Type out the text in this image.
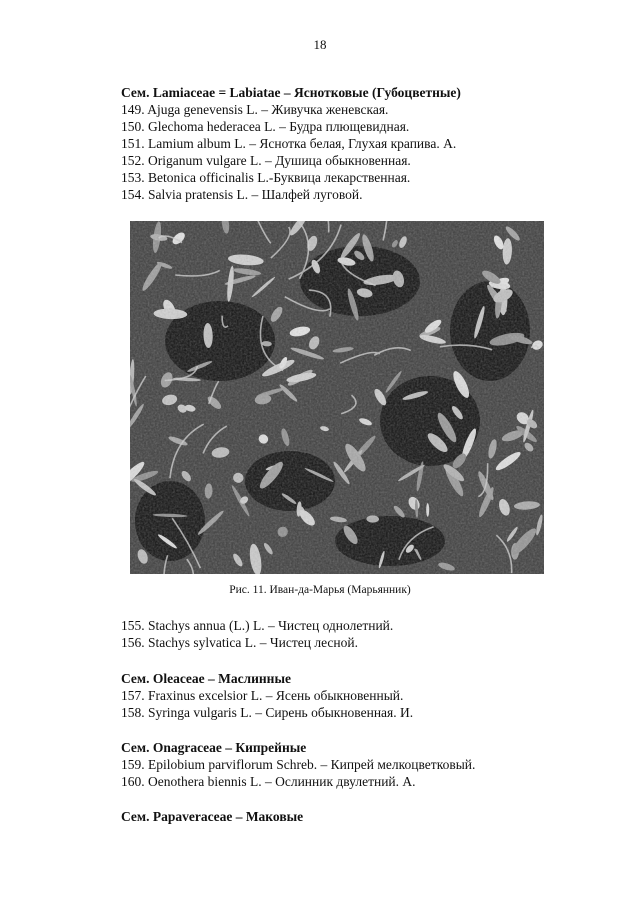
18
Сем. Lamiaceae = Labiatae – Яснотковые (Губоцветные)
149. Ajuga genevensis L. – Живучка женевская.
150. Glechoma hederacea L. – Будра плющевидная.
151. Lamium album L. – Яснотка белая, Глухая крапива. А.
152. Origanum vulgare L. – Душица обыкновенная.
153. Betonica officinalis L.-Буквица лекарственная.
154. Salvia pratensis L. – Шалфей луговой.
Рис. 11. Иван-да-Марья (Марьянник)
155. Stachys annua (L.) L. – Чистец однолетний.
156. Stachys sylvatica L. – Чистец лесной.
Сем. Oleaceae – Маслинные
157. Fraxinus excelsior L. – Ясень обыкновенный.
158. Syringa vulgaris L. – Сирень обыкновенная. И.
Сем. Onagraceae – Кипрейные
159. Epilobium parviflorum Schreb. – Кипрей мелкоцветковый.
160. Oenothera biennis L. – Ослинник двулетний. А.
Сем. Papaveraceae – Маковые
